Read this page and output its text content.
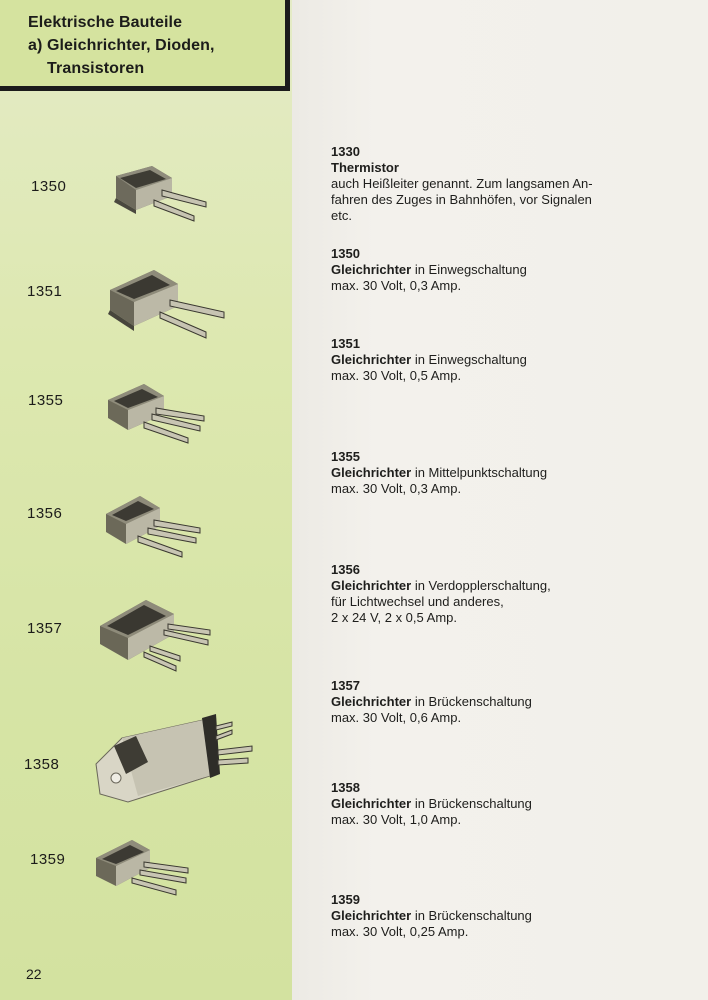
Elektrische Bauteile
a) Gleichrichter, Dioden,
Transistoren
1350
1351
1355
1356
1357
1358
1359
1330
Thermistor
auch Heißleiter genannt. Zum langsamen An-
fahren des Zuges in Bahnhöfen, vor Signalen
etc.
1350
Gleichrichter in Einwegschaltung
max. 30 Volt, 0,3 Amp.
1351
Gleichrichter in Einwegschaltung
max. 30 Volt, 0,5 Amp.
1355
Gleichrichter in Mittelpunktschaltung
max. 30 Volt, 0,3 Amp.
1356
Gleichrichter in Verdopplerschaltung,
für Lichtwechsel und anderes,
2 x 24 V, 2 x 0,5 Amp.
1357
Gleichrichter in Brückenschaltung
max. 30 Volt, 0,6 Amp.
1358
Gleichrichter in Brückenschaltung
max. 30 Volt, 1,0 Amp.
1359
Gleichrichter in Brückenschaltung
max. 30 Volt, 0,25 Amp.
22
